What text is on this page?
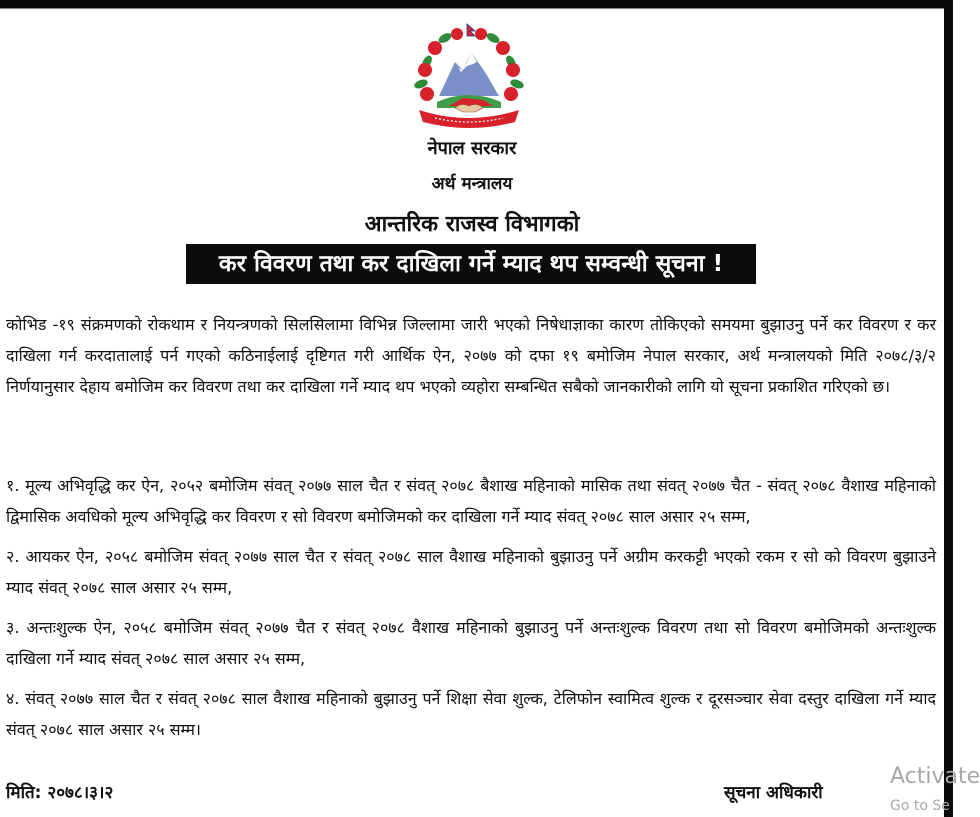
नेपाल सरकार
अर्थ मन्त्रालय
आन्तरिक राजस्व विभागको
कर विवरण तथा कर दाखिला गर्ने म्याद थप सम्वन्धी सूचना !

कोभिड -१९ संक्रमणको रोकथाम र नियन्त्रणको सिलसिलामा विभिन्न जिल्लामा जारी भएको निषेधाज्ञाका कारण तोकिएको समयमा बुझाउनु पर्ने कर विवरण र कर दाखिला गर्न करदातालाई पर्न गएको कठिनाईलाई दृष्टिगत गरी आर्थिक ऐन, २०७७ को दफा १९ बमोजिम नेपाल सरकार, अर्थ मन्त्रालयको मिति २०७८/३/२ निर्णयानुसार देहाय बमोजिम कर विवरण तथा कर दाखिला गर्ने म्याद थप भएको व्यहोरा सम्बन्धित सबैको जानकारीको लागि यो सूचना प्रकाशित गरिएको छ।

१. मूल्य अभिवृद्धि कर ऐन, २०५२ बमोजिम संवत् २०७७ साल चैत र संवत् २०७८ बैशाख महिनाको मासिक तथा संवत् २०७७ चैत - संवत् २०७८ वैशाख महिनाको द्विमासिक अवधिको मूल्य अभिवृद्धि कर विवरण र सो विवरण बमोजिमको कर दाखिला गर्ने म्याद संवत् २०७८ साल असार २५ सम्म,
२. आयकर ऐन, २०५८ बमोजिम संवत् २०७७ साल चैत र संवत् २०७८ साल वैशाख महिनाको बुझाउनु पर्ने अग्रीम करकट्टी भएको रकम र सो को विवरण बुझाउने म्याद संवत् २०७८ साल असार २५ सम्म,
३. अन्तःशुल्क ऐन, २०५८ बमोजिम संवत् २०७७ चैत र संवत् २०७८ वैशाख महिनाको बुझाउनु पर्ने अन्तःशुल्क विवरण तथा सो विवरण बमोजिमको अन्तःशुल्क दाखिला गर्ने म्याद संवत् २०७८ साल असार २५ सम्म,
४. संवत् २०७७ साल चैत र संवत् २०७८ साल वैशाख महिनाको बुझाउनु पर्ने शिक्षा सेवा शुल्क, टेलिफोन स्वामित्व शुल्क र दूरसञ्चार सेवा दस्तुर दाखिला गर्ने म्याद संवत् २०७८ साल असार २५ सम्म।
मिति: २०७८।३।२	सूचना अधिकारी
Activate
Go to Se
